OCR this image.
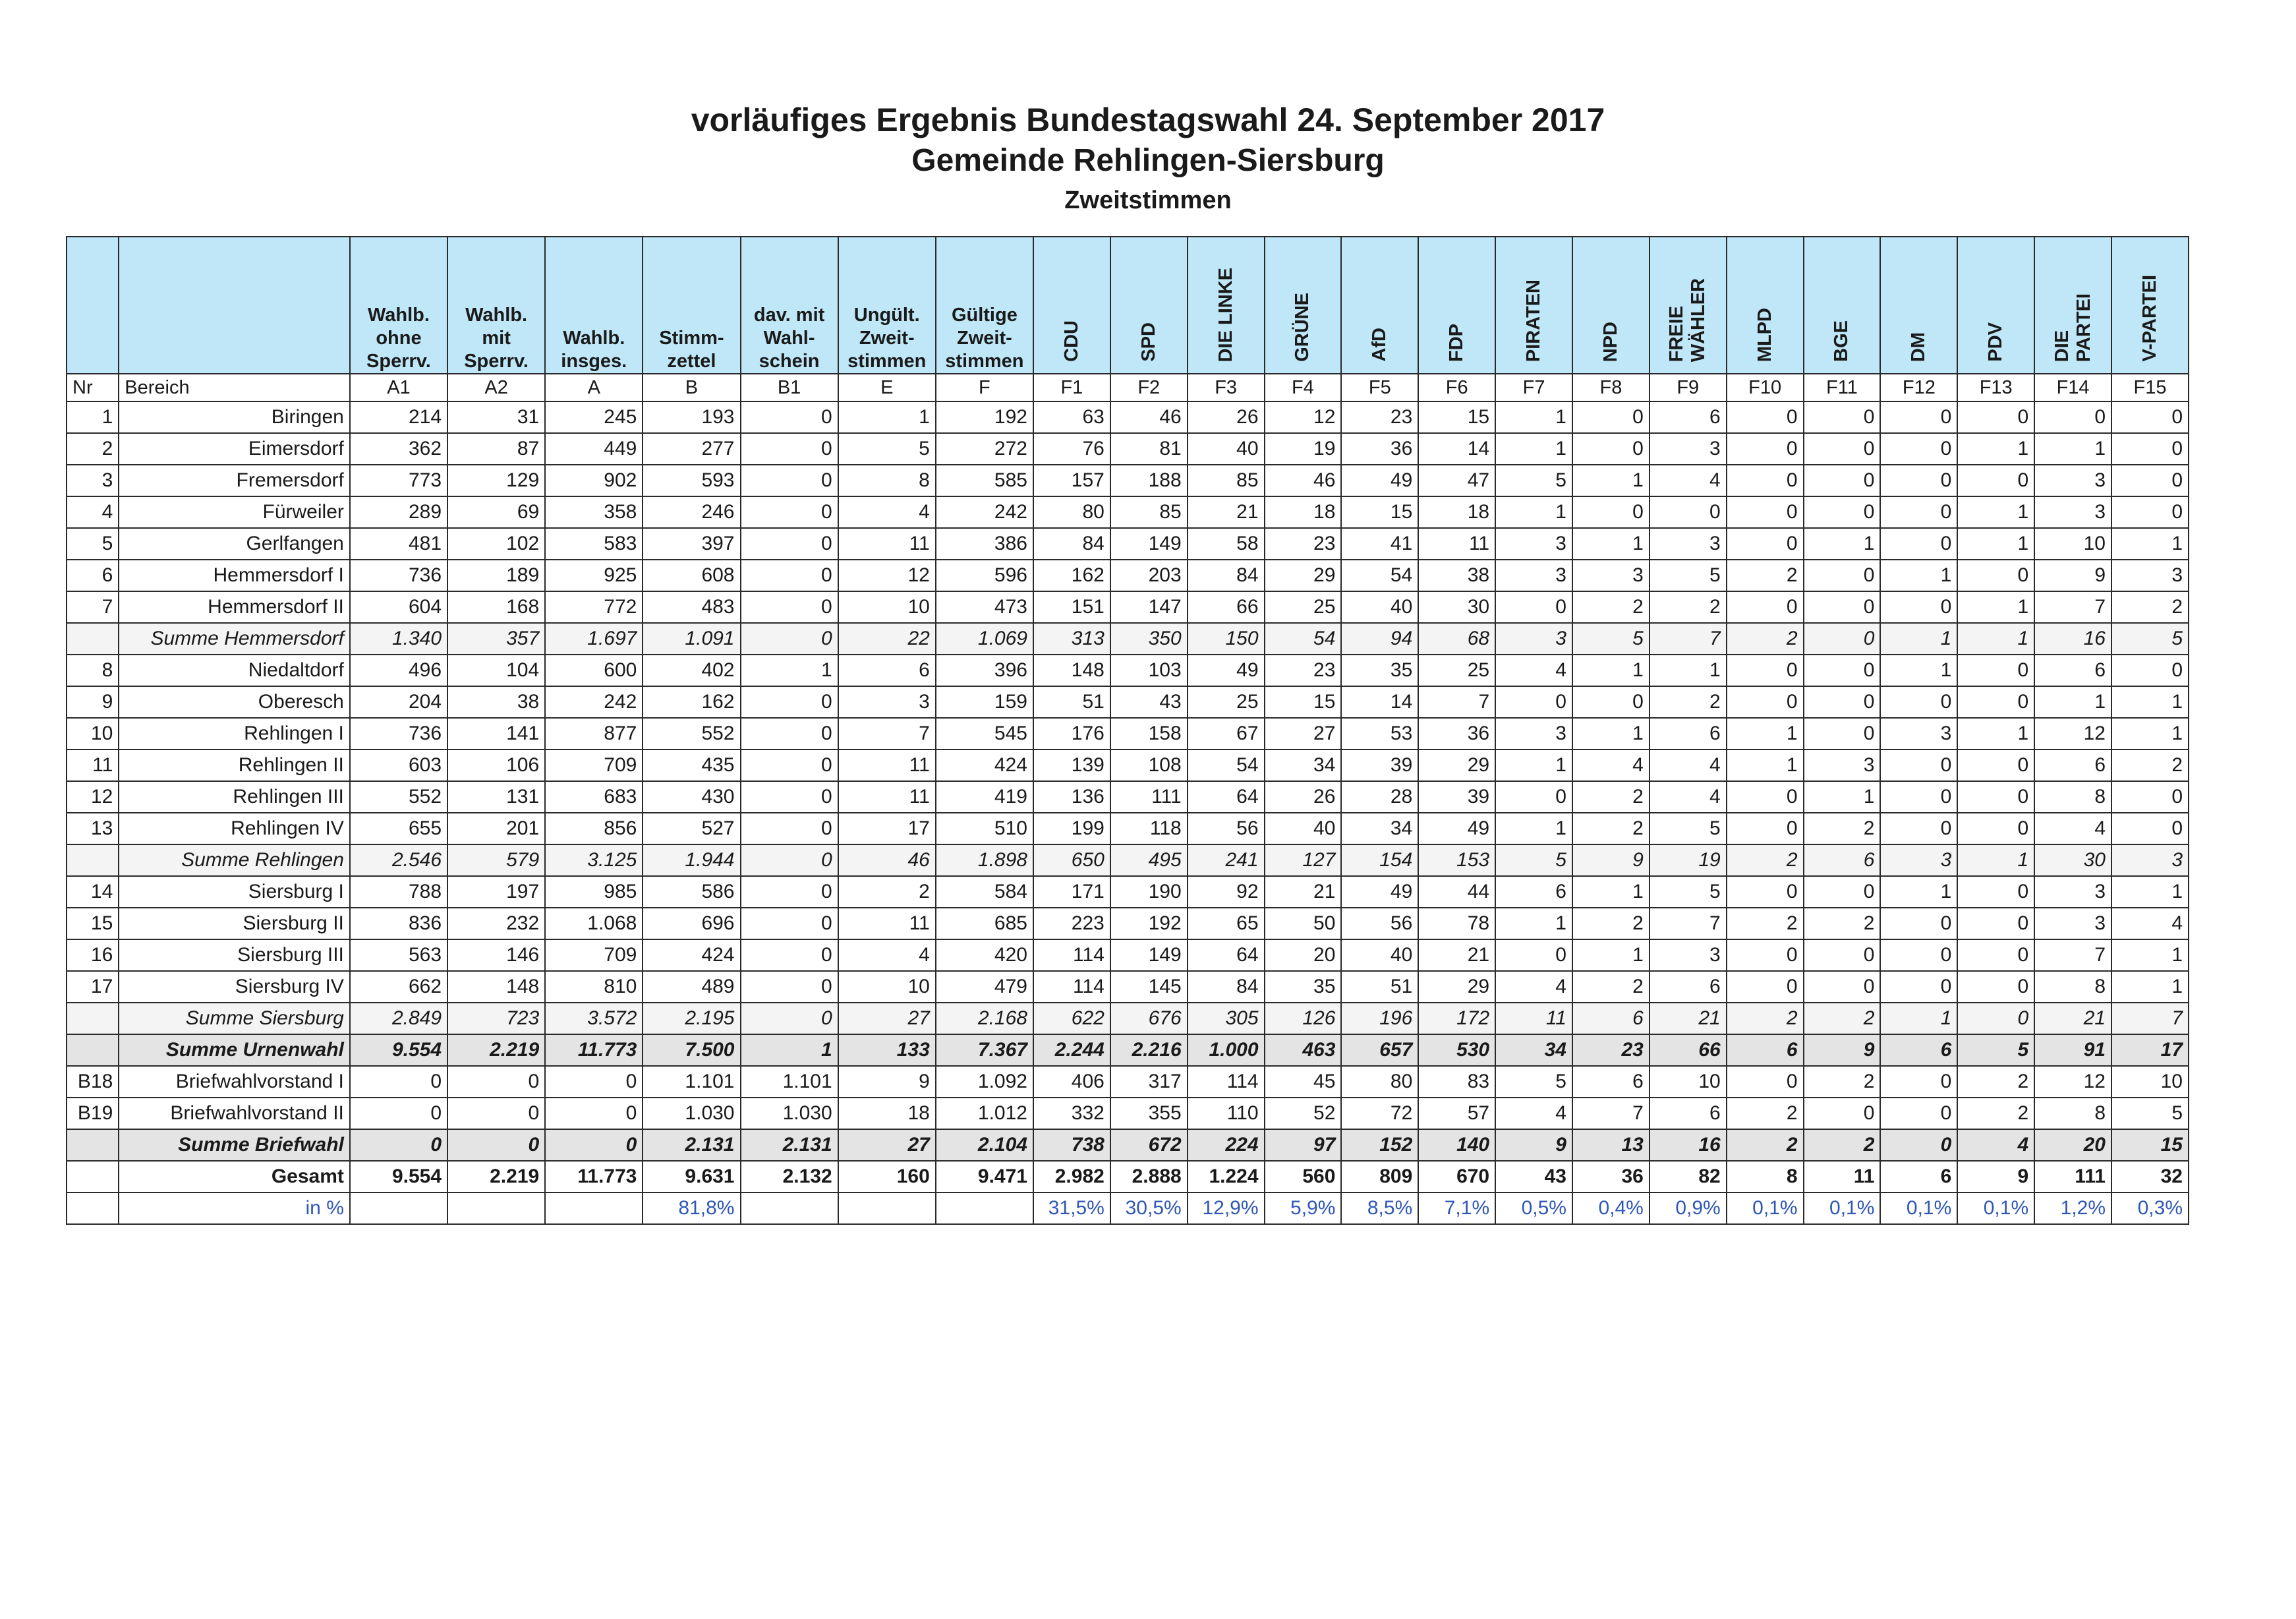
vorläufiges Ergebnis Bundestagswahl 24. September 2017
Gemeinde Rehlingen-Siersburg
Zweitstimmen
		Wahlb.
ohne
Sperrv.	Wahlb.
mit
Sperrv.	Wahlb.
insges.	Stimm-
zettel	dav. mit
Wahl-
schein	Ungült.
Zweit-
stimmen	Gültige
Zweit-
stimmen	CDU	SPD	DIE LINKE	GRÜNE	AfD	FDP	PIRATEN	NPD	FREIE
WÄHLER	MLPD	BGE	DM	PDV	DIE
PARTEI	V-PARTEI
Nr	Bereich	A1	A2	A	B	B1	E	F	F1	F2	F3	F4	F5	F6	F7	F8	F9	F10	F11	F12	F13	F14	F15
1	Biringen	214	31	245	193	0	1	192	63	46	26	12	23	15	1	0	6	0	0	0	0	0	0
2	Eimersdorf	362	87	449	277	0	5	272	76	81	40	19	36	14	1	0	3	0	0	0	1	1	0
3	Fremersdorf	773	129	902	593	0	8	585	157	188	85	46	49	47	5	1	4	0	0	0	0	3	0
4	Fürweiler	289	69	358	246	0	4	242	80	85	21	18	15	18	1	0	0	0	0	0	1	3	0
5	Gerlfangen	481	102	583	397	0	11	386	84	149	58	23	41	11	3	1	3	0	1	0	1	10	1
6	Hemmersdorf I	736	189	925	608	0	12	596	162	203	84	29	54	38	3	3	5	2	0	1	0	9	3
7	Hemmersdorf II	604	168	772	483	0	10	473	151	147	66	25	40	30	0	2	2	0	0	0	1	7	2
	Summe Hemmersdorf	1.340	357	1.697	1.091	0	22	1.069	313	350	150	54	94	68	3	5	7	2	0	1	1	16	5
8	Niedaltdorf	496	104	600	402	1	6	396	148	103	49	23	35	25	4	1	1	0	0	1	0	6	0
9	Oberesch	204	38	242	162	0	3	159	51	43	25	15	14	7	0	0	2	0	0	0	0	1	1
10	Rehlingen I	736	141	877	552	0	7	545	176	158	67	27	53	36	3	1	6	1	0	3	1	12	1
11	Rehlingen II	603	106	709	435	0	11	424	139	108	54	34	39	29	1	4	4	1	3	0	0	6	2
12	Rehlingen III	552	131	683	430	0	11	419	136	111	64	26	28	39	0	2	4	0	1	0	0	8	0
13	Rehlingen IV	655	201	856	527	0	17	510	199	118	56	40	34	49	1	2	5	0	2	0	0	4	0
	Summe Rehlingen	2.546	579	3.125	1.944	0	46	1.898	650	495	241	127	154	153	5	9	19	2	6	3	1	30	3
14	Siersburg I	788	197	985	586	0	2	584	171	190	92	21	49	44	6	1	5	0	0	1	0	3	1
15	Siersburg II	836	232	1.068	696	0	11	685	223	192	65	50	56	78	1	2	7	2	2	0	0	3	4
16	Siersburg III	563	146	709	424	0	4	420	114	149	64	20	40	21	0	1	3	0	0	0	0	7	1
17	Siersburg IV	662	148	810	489	0	10	479	114	145	84	35	51	29	4	2	6	0	0	0	0	8	1
	Summe Siersburg	2.849	723	3.572	2.195	0	27	2.168	622	676	305	126	196	172	11	6	21	2	2	1	0	21	7
	Summe Urnenwahl	9.554	2.219	11.773	7.500	1	133	7.367	2.244	2.216	1.000	463	657	530	34	23	66	6	9	6	5	91	17
B18	Briefwahlvorstand I	0	0	0	1.101	1.101	9	1.092	406	317	114	45	80	83	5	6	10	0	2	0	2	12	10
B19	Briefwahlvorstand II	0	0	0	1.030	1.030	18	1.012	332	355	110	52	72	57	4	7	6	2	0	0	2	8	5
	Summe Briefwahl	0	0	0	2.131	2.131	27	2.104	738	672	224	97	152	140	9	13	16	2	2	0	4	20	15
	Gesamt	9.554	2.219	11.773	9.631	2.132	160	9.471	2.982	2.888	1.224	560	809	670	43	36	82	8	11	6	9	111	32
	in %				81,8%				31,5%	30,5%	12,9%	5,9%	8,5%	7,1%	0,5%	0,4%	0,9%	0,1%	0,1%	0,1%	0,1%	1,2%	0,3%
